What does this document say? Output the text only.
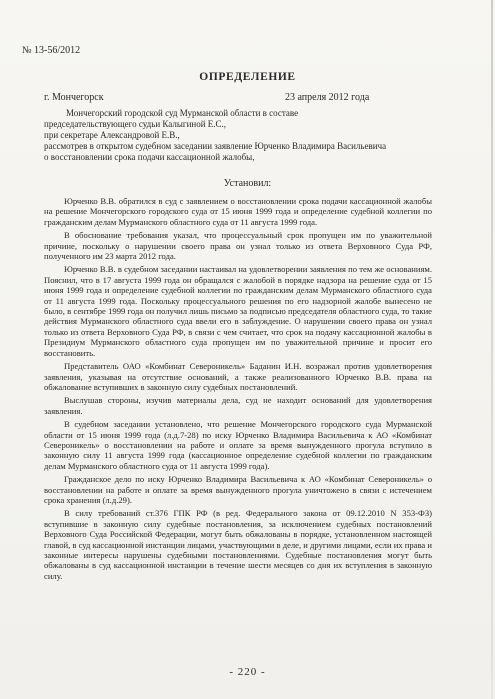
№ 13-56/2012
ОПРЕДЕЛЕНИЕ
г. Мончегорск	23 апреля 2012 года
Мончегорский городской суд Мурманской области в составе
председательствующего судьи Калыгиной Е.С.,
при секретаре Александровой Е.В.,
рассмотрев в открытом судебном заседании заявление Юрченко Владимира Васильевича
о восстановлении срока подачи кассационной жалобы,
Установил:

Юрченко В.В. обратился в суд с заявлением о восстановлении срока подачи кассационной жалобы на решение Мончегорского городского суда от 15 июня 1999 года и определение судебной коллегии по гражданским делам Мурманского областного суда от 11 августа 1999 года.

В обоснование требования указал, что процессуальный срок пропущен им по уважительной причине, поскольку о нарушении своего права он узнал только из ответа Верховного Суда РФ, полученного им 23 марта 2012 года.

Юрченко В.В. в судебном заседании настаивал на удовлетворении заявления по тем же основаниям. Пояснил, что в 17 августа 1999 года он обращался с жалобой в порядке надзора на решение суда от 15 июня 1999 года и определение судебной коллегии по гражданским делам Мурманского областного суда от 11 августа 1999 года. Поскольку процессуального решения по его надзорной жалобе вынесено не было, в сентябре 1999 года он получил лишь письмо за подписью председателя областного суда, то такие действия Мурманского областного суда ввели его в заблуждение. О нарушении своего права он узнал только из ответа Верховного Суда РФ, в связи с чем считает, что срок на подачу кассационной жалобы в Президиум Мурманского областного суда пропущен им по уважительной причине и просит его восстановить.

Представитель ОАО «Комбинат Североникель» Баданин И.Н. возражал против удовлетворения заявления, указывая на отсутствие оснований, а также реализованного Юрченко В.В. права на обжалование вступивших в законную силу судебных постановлений.

Выслушав стороны, изучив материалы дела, суд не находит оснований для удовлетворения заявления.

В судебном заседании установлено, что решение Мончегорского городского суда Мурманской области от 15 июня 1999 года (л.д.7-28) по иску Юрченко Владимира Васильевича к АО «Комбинат Североникель» о восстановлении на работе и оплате за время вынужденного прогула вступило в законную силу 11 августа 1999 года (кассационное определение судебной коллегии по гражданским делам Мурманского областного суда от 11 августа 1999 года).

Гражданское дело по иску Юрченко Владимира Васильевича к АО «Комбинат Североникель» о восстановлении на работе и оплате за время вынужденного прогула уничтожено в связи с истечением срока хранения (л.д.29).

В силу требований ст.376 ГПК РФ (в ред. Федерального закона от 09.12.2010 N 353-ФЗ) вступившие в законную силу судебные постановления, за исключением судебных постановлений Верховного Суда Российской Федерации, могут быть обжалованы в порядке, установленном настоящей главой, в суд кассационной инстанции лицами, участвующими в деле, и другими лицами, если их права и законные интересы нарушены судебными постановлениями. Судебные постановления могут быть обжалованы в суд кассационной инстанции в течение шести месяцев со дня их вступления в законную силу.

- 220 -
